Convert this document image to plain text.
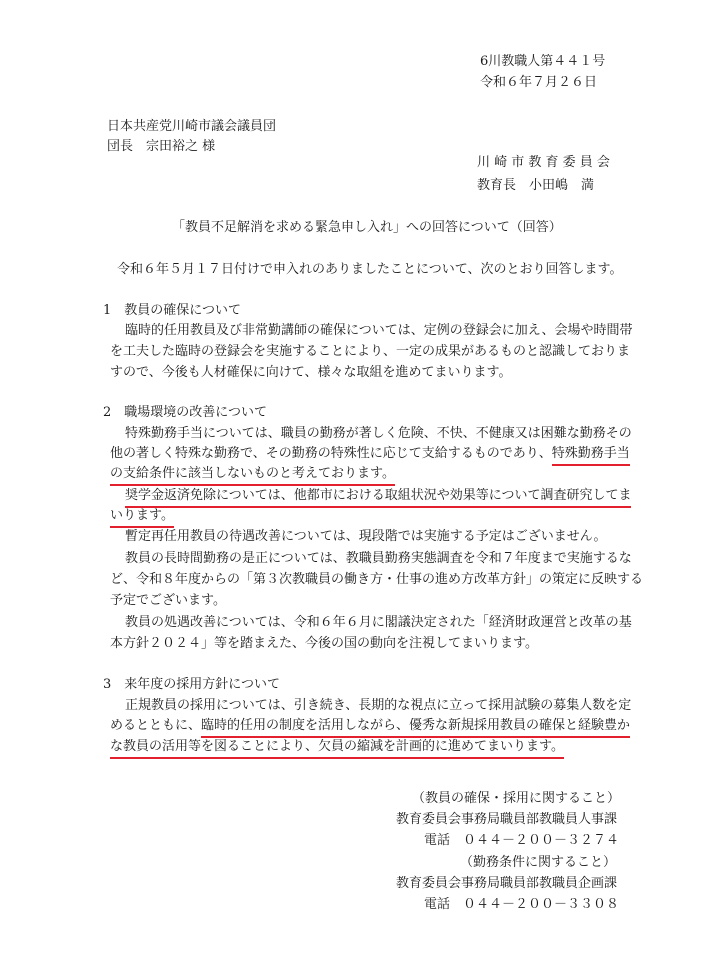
6川教職人第４４１号
令和６年７月２６日
日本共産党川崎市議会議員団
団長　宗田裕之 様
川 崎 市 教 育 委 員 会
教育長　小田嶋　満
「教員不足解消を求める緊急申し入れ」への回答について（回答）
令和６年５月１７日付けで申入れのありましたことについて、次のとおり回答します。
1　教員の確保について
臨時的任用教員及び非常勤講師の確保については、定例の登録会に加え、会場や時間帯
を工夫した臨時の登録会を実施することにより、一定の成果があるものと認識しておりま
すので、今後も人材確保に向けて、様々な取組を進めてまいります。
2　職場環境の改善について
特殊勤務手当については、職員の勤務が著しく危険、不快、不健康又は困難な勤務その
他の著しく特殊な勤務で、その勤務の特殊性に応じて支給するものであり、特殊勤務手当
の支給条件に該当しないものと考えております。
奨学金返済免除については、他都市における取組状況や効果等について調査研究してま
いります。
暫定再任用教員の待遇改善については、現段階では実施する予定はございません。
教員の長時間勤務の是正については、教職員勤務実態調査を令和７年度まで実施するな
ど、令和８年度からの「第３次教職員の働き方・仕事の進め方改革方針」の策定に反映する
予定でございます。
教員の処遇改善については、令和６年６月に閣議決定された「経済財政運営と改革の基
本方針２０２４」等を踏まえた、今後の国の動向を注視してまいります。
3　来年度の採用方針について
正規教員の採用については、引き続き、長期的な視点に立って採用試験の募集人数を定
めるとともに、臨時的任用の制度を活用しながら、優秀な新規採用教員の確保と経験豊か
な教員の活用等を図ることにより、欠員の縮減を計画的に進めてまいります。
（教員の確保・採用に関すること）
教育委員会事務局職員部教職員人事課
電話　０４４－２００－３２７４
（勤務条件に関すること）
教育委員会事務局職員部教職員企画課
電話　０４４－２００－３３０８
